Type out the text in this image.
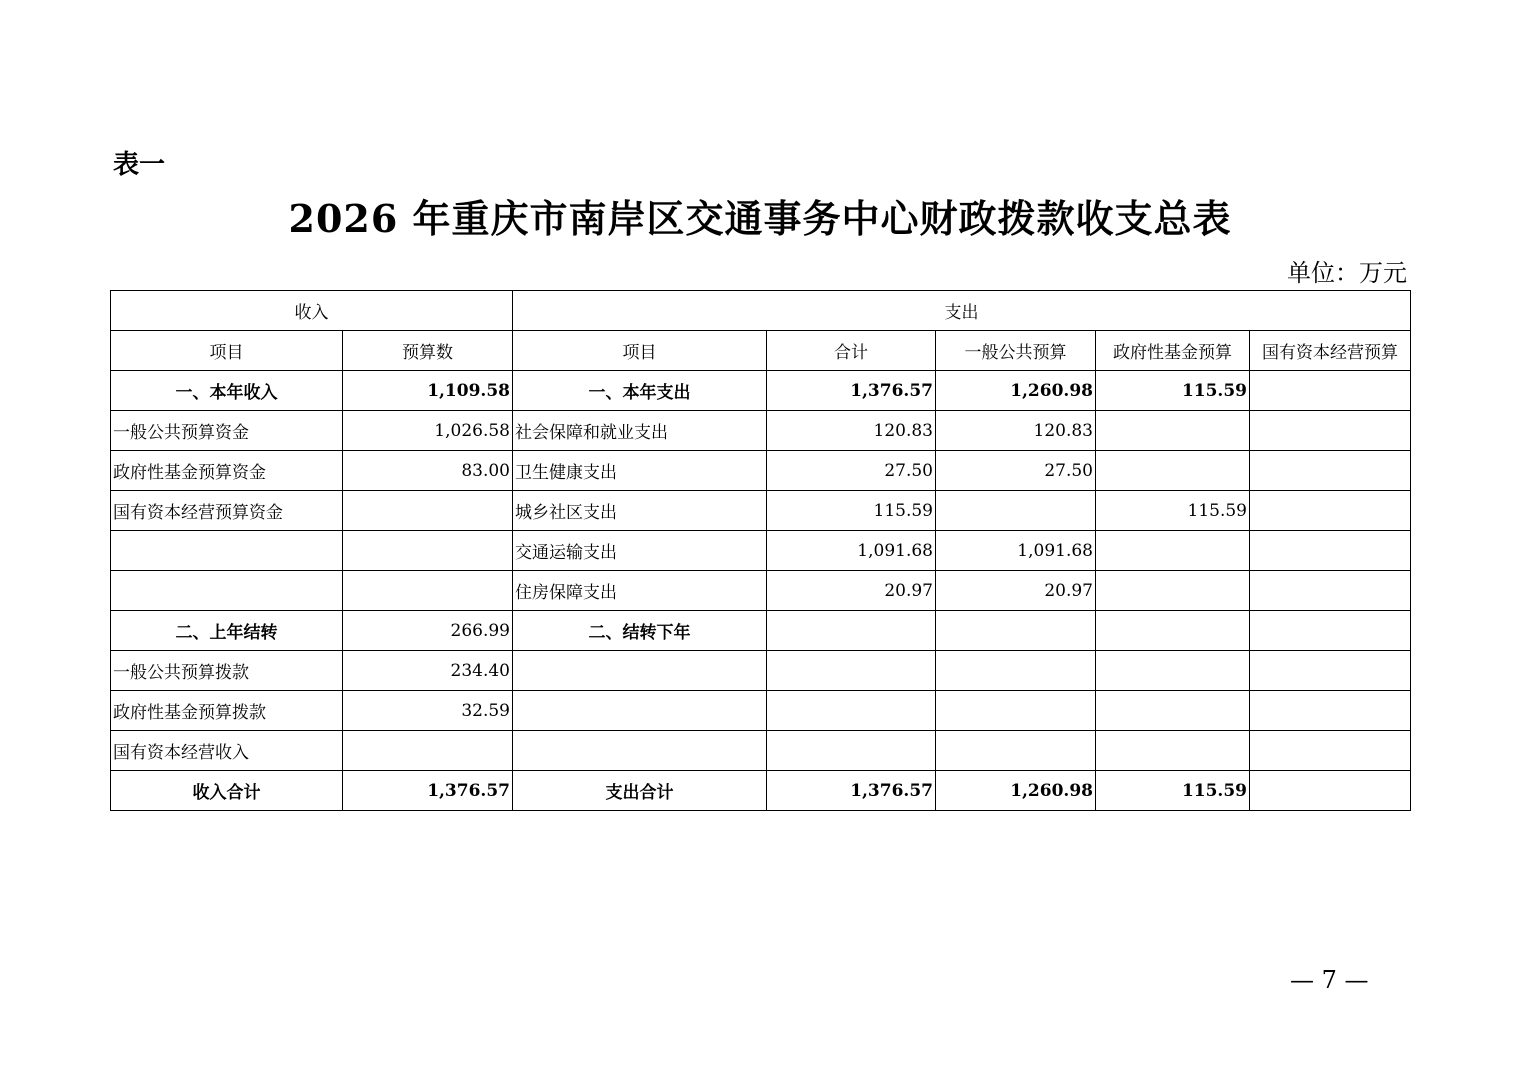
表一
2026 年重庆市南岸区交通事务中心财政拨款收支总表
单位：万元
收入		支出				
项目	预算数	项目	合计	一般公共预算	政府性基金预算	国有资本经营预算
一、本年收入	1,109.58	一、本年支出	1,376.57	1,260.98	115.59	
一般公共预算资金	1,026.58	社会保障和就业支出	120.83	120.83		
政府性基金预算资金	83.00	卫生健康支出	27.50	27.50		
国有资本经营预算资金		城乡社区支出	115.59		115.59	
		交通运输支出	1,091.68	1,091.68		
		住房保障支出	20.97	20.97		
二、上年结转	266.99	二、结转下年				
一般公共预算拨款	234.40					
政府性基金预算拨款	32.59					
国有资本经营收入						
收入合计	1,376.57	支出合计	1,376.57	1,260.98	115.59	
— 7 —
